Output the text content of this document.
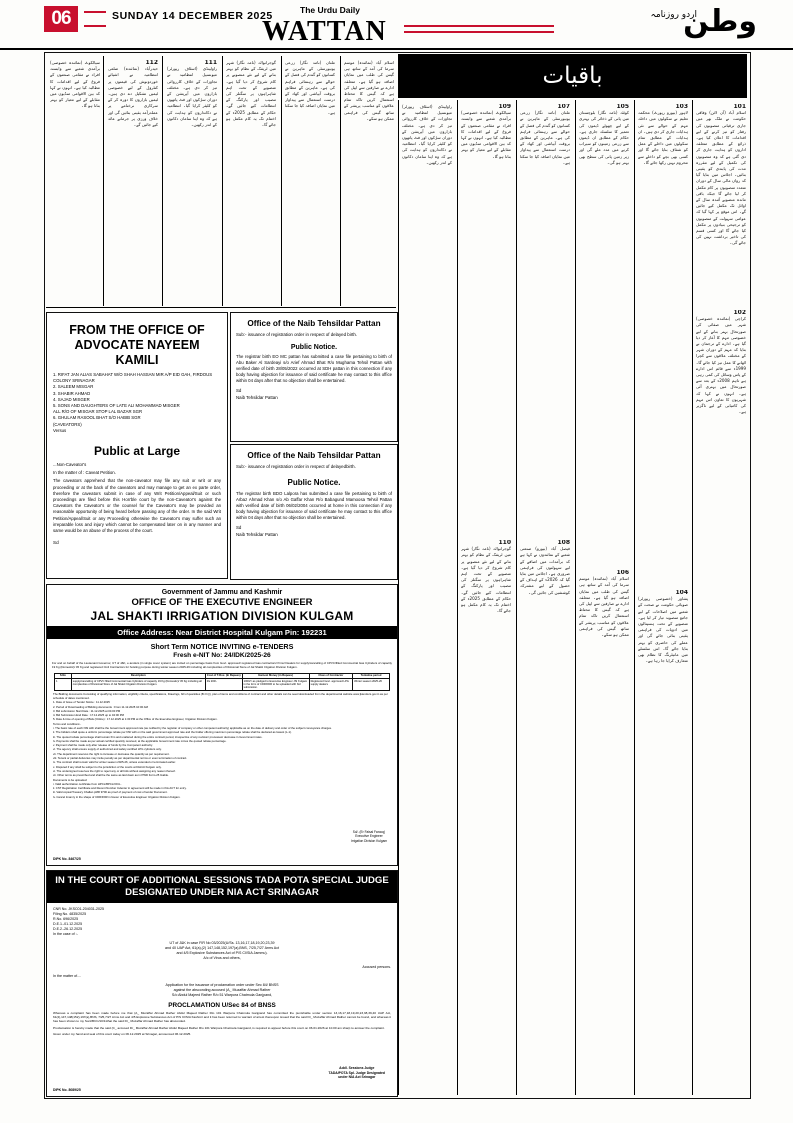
06	SUNDAY 14 DECEMBER 2025	The Urdu Daily
WATTAN	وطن
اردو روزنامہ
باقیات
101
اسلام آباد (آن لائن) وفاقی حکومت نے ملک بھر میں جاری ترقیاتی منصوبوں کی رفتار کو تیز کرنے کے لیے اقدامات کا اعلان کیا ہے۔ ذرائع کے مطابق متعلقہ اداروں کو ہدایت جاری کر دی گئی ہے کہ وہ منصوبوں کی تکمیل کے لیے مقررہ مدت کی پابندی کو یقینی بنائیں۔ اجلاس میں بتایا گیا کہ رواں مالی سال کے دوران متعدد منصوبوں پر کام مکمل کر لیا جائے گا جبکہ باقی ماندہ منصوبے آئندہ سال کے اوائل تک مکمل کیے جائیں گے۔ اس موقع پر کہا گیا کہ عوامی سہولت کے منصوبوں کو ترجیحی بنیادوں پر مکمل کیا جائے گا اور کسی قسم کی تاخیر برداشت نہیں کی جائے گی۔
102
کراچی (نمائندہ خصوصی) شہر میں صفائی کی صورتحال بہتر بنانے کے لیے خصوصی مہم کا آغاز کر دیا گیا ہے۔ ادارے کے ترجمان نے بتایا کہ مہم کے دوران شہر کے مختلف علاقوں سے کچرا اٹھانے کا عمل تیز کیا جائے گا۔ 1999ء سے قائم اس ادارے کے پاس وسائل کی کمی رہی ہے تاہم 2008ء کے بعد سے صورتحال میں بہتری آئی ہے۔ انہوں نے کہا کہ شہریوں کا تعاون اس مہم کی کامیابی کے لیے ناگزیر ہے۔
103
لاہور (بیورو رپورٹ) محکمہ تعلیم نے سکولوں میں داخلہ مہم کے حوالے سے نئی ہدایات جاری کر دی ہیں۔ ان ہدایات کے مطابق تمام سکولوں میں داخلے کے عمل کو شفاف بنایا جائے گا اور کسی بھی بچے کو داخلے سے محروم نہیں رکھا جائے گا۔
104
پشاور (خصوصی رپورٹر) صوبائی حکومت نے صحت کے شعبے میں اصلاحات کے لیے جامع منصوبہ تیار کر لیا ہے۔ منصوبے کے تحت ہسپتالوں میں ادویات کی فراہمی یقینی بنائی جائے گی اور عملے کی حاضری کو بہتر بنایا جائے گا۔ اس سلسلے میں مانیٹرنگ کا نظام بھی متعارف کرایا جا رہا ہے۔
105
کوئٹہ (نامہ نگار) بلوچستان میں پانی کے ذخائر کی بہتری کے لیے چھوٹے ڈیموں کی تعمیر کا سلسلہ جاری ہے۔ حکام کے مطابق ان ڈیموں سے زرعی زمینوں کو سیراب کرنے میں مدد ملے گی اور زیر زمین پانی کی سطح بھی بہتر ہو گی۔
106
اسلام آباد (نمائندہ) موسم سرما کی آمد کے ساتھ ہی گیس کی طلب میں نمایاں اضافہ ہو گیا ہے۔ متعلقہ ادارے نے صارفین سے اپیل کی ہے کہ گیس کا محتاط استعمال کریں تاکہ تمام علاقوں کو مناسب پریشر کے ساتھ گیس کی فراہمی ممکن ہو سکے۔
107
ملتان (نامہ نگار) زرعی یونیورسٹی کے ماہرین نے کسانوں کو گندم کی فصل کے حوالے سے رہنمائی فراہم کی ہے۔ ماہرین کے مطابق بروقت آبپاشی اور کھاد کے درست استعمال سے پیداوار میں نمایاں اضافہ کیا جا سکتا ہے۔
108
فیصل آباد (بیورو) صنعتی شعبے کے نمائندوں نے کہا ہے کہ برآمدات میں اضافے کے لیے سہولتوں کی فراہمی ضروری ہے۔ اجلاس میں بتایا گیا کہ 2026ء کے اہداف کے حصول کے لیے مشترکہ کوششیں کی جائیں گی۔
109
سیالکوٹ (نمائندہ خصوصی) برآمدی شعبے سے وابستہ افراد نے مقامی صنعتوں کے فروغ کے لیے اقدامات کا مطالبہ کیا ہے۔ انہوں نے کہا کہ بین الاقوامی منڈیوں میں مقابلے کے لیے معیار کو بہتر بنانا ہو گا۔
110
گوجرانوالہ (نامہ نگار) شہر میں ٹریفک کے نظام کو بہتر بنانے کے لیے نئے منصوبے پر کام شروع کر دیا گیا ہے۔ منصوبے کے تحت اہم شاہراہوں پر سگنلز کی تنصیب اور پارکنگ کے انتظامات کیے جائیں گے۔ حکام کے مطابق 2025ء کے اختتام تک یہ کام مکمل ہو جائے گا۔
راولپنڈی (اسٹاف رپورٹر) میونسپل انتظامیہ نے تجاوزات کے خلاف کارروائی تیز کر دی ہے۔ مختلف بازاروں میں آپریشن کے دوران سڑکوں اور فٹ پاتھوں کو کلیئر کرایا گیا۔ انتظامیہ نے دکانداروں کو ہدایت کی ہے کہ وہ اپنا سامان دکانوں کے اندر رکھیں۔
سیالکوٹ (نمائندہ خصوصی) برآمدی شعبے سے وابستہ افراد نے مقامی صنعتوں کے فروغ کے لیے اقدامات کا مطالبہ کیا ہے۔ انہوں نے کہا کہ بین الاقوامی منڈیوں میں مقابلے کے لیے معیار کو بہتر بنانا ہو گا۔
112
حیدرآباد (نمائندہ) ضلعی انتظامیہ نے اشیائے خوردونوش کی قیمتوں پر کنٹرول کے لیے خصوصی ٹیمیں تشکیل دے دی ہیں۔ ٹیمیں بازاروں کا دورہ کر کے سرکاری نرخنامے پر عملدرآمد یقینی بنائیں گی اور خلاف ورزی پر جرمانے عائد کیے جائیں گے۔
111
راولپنڈی (اسٹاف رپورٹر) میونسپل انتظامیہ نے تجاوزات کے خلاف کارروائی تیز کر دی ہے۔ مختلف بازاروں میں آپریشن کے دوران سڑکوں اور فٹ پاتھوں کو کلیئر کرایا گیا۔ انتظامیہ نے دکانداروں کو ہدایت کی ہے کہ وہ اپنا سامان دکانوں کے اندر رکھیں۔
گوجرانوالہ (نامہ نگار) شہر میں ٹریفک کے نظام کو بہتر بنانے کے لیے نئے منصوبے پر کام شروع کر دیا گیا ہے۔ منصوبے کے تحت اہم شاہراہوں پر سگنلز کی تنصیب اور پارکنگ کے انتظامات کیے جائیں گے۔ حکام کے مطابق 2025ء کے اختتام تک یہ کام مکمل ہو جائے گا۔
ملتان (نامہ نگار) زرعی یونیورسٹی کے ماہرین نے کسانوں کو گندم کی فصل کے حوالے سے رہنمائی فراہم کی ہے۔ ماہرین کے مطابق بروقت آبپاشی اور کھاد کے درست استعمال سے پیداوار میں نمایاں اضافہ کیا جا سکتا ہے۔
اسلام آباد (نمائندہ) موسم سرما کی آمد کے ساتھ ہی گیس کی طلب میں نمایاں اضافہ ہو گیا ہے۔ متعلقہ ادارے نے صارفین سے اپیل کی ہے کہ گیس کا محتاط استعمال کریں تاکہ تمام علاقوں کو مناسب پریشر کے ساتھ گیس کی فراہمی ممکن ہو سکے۔
FROM THE OFFICE OF ADVOCATE NAYEEM KAMILI
1. RIFAT JAN ALIAS SABAHAT W/O SHAH HASSAN MIR A/P EID GAH, FIRDOUS COLONY SRINAGAR
2. SALEEM MISGAR
3. SHABIR AHMAD
4. SAJAD MISGER
5. SONS AND DAUGHTERS OF LATE ALI MOHAMMAD MISGER
ALL R/O OF MISGAR STOP LAL BAZAR SGR
6. GHULAM RASOOL BHAT S/O HABIB SGR
(CAVEATORS)
Versus
Public at Large
...Non-Caveator's
In the matter of : Caveat Petition.
The caveators apprehend that the non-caveator may file any suit or writ or any proceeding or at the back of the caveators and may manage to get an ex parte order, therefore the caveators submit in case of any Writ Petition/Appeal/Suit or such proceedings are filed before this Hon'ble court by the non-Caveator's against the Caveators the Caveator's or the counsel for the Caveator's may be provided an reasonable opportunity of being heard before passing any of the order. In the said Writ Petition/Appeal/Suit or any Proceeding otherwise the Caveator's may suffer such an irreparable loss and injury which cannot be compensated later on in any manner and same would be an abuse of the process of the court.
Sd
Office of the Naib Tehsildar Pattan
Sub:- issuance of registration order in respect of delayed birth.
Public Notice.
The registrar birth EO MC pattan has submitted a case file pertaining to birth of Abu Baker Al Sardeayi s/o Arief Ahmad Bhat R/o Mughama Tehsil Pattan with verified date of birth 28/05/2022 occurred at SDH pattan in this connection if any body having objection for issuance of said certificate he may contact to this office within 04 days after that no objection shall be entertained.
Sd
Naib Tehsildar Pattan
Office of the Naib Tehsildar Pattan
Sub:- issuance of registration order in respect of delayedbirth.
Public Notice.
The registrar birth BDO Lalpora has submitted a case file pertaining to birth of Arbaz Ahmad Khan s/o Ab Gaffar Khan R/o Babagund Mamoosa Tehsil Pattan with verified date of birth 06/02/2004 occurred at home in this connection if any body having objection for issuance of said certificate he may contact to this office within 04 days after that no objection shall be entertained.
Sd
Naib Tehsildar Pattan
Government of Jammu and Kashmir
OFFICE OF THE EXECUTIVE ENGINEER
JAL SHAKTI IRRIGATION DIVISION KULGAM
Office Address: Near District Hospital Kulgam Pin: 192231
Short Term NOTICE INVITING e-TENDERS
Fresh e-NIT No: 24/IDK/2025-26
For and on behalf of the Lieutenant Governor, UT of J&K, e-tenders (in single cover system) are invited on percentage basis from Govt. approved/ registered Gas contractors/ firms/ Dealers for supply/cancelling of CPVC/filled Commercial Gas Cylinders of capacity 19 Kg (Domestic)/ 45 Kg and registered Civil Contractors for hoisting purpose during winter season 2025-26 including all complexities of Divisional Store of Jal Shakti Irrigation Division Kulgam.
S.No	Description	Cost of T-Doc. (In Rupees)	Earnest Money (in Rupees)	Class of Contractor	Tentative period
1	supply/cancelling of CPVC filled Commercial Gas Cylinders of capacity 19 Kg (Domestic)/ 45 Kg including all complexities of Divisional Store of Jal Shakti Irrigation Division Kulgam.	Rs 200/-	1000/= as pledged to Executive Engineer JSI Kulgam in the form of CDR/FDR to be uploaded with bid submission.	Registered Govt. approved LPG supply dealers	Winter season 2025-26
The Bidding documents Consisting of qualifying information, eligibility criteria, specifications, Drawings, bill of quantities (B.O.Q), plan of items and conditions of contract and other details can be seen/downloaded from the departmental website www.jktenders.gov.in as per schedule of dates mentioned.
1. Date of Issue of Tender Notice : 11.12.2025
2. Period of Downloading of Bidding documents : From 11.12.2025 10:00 AM
3. Bid submission Start Date : 11.12.2025 at 04:00 PM
4. Bid Submission End Date : 17.12.2025 up to 04:00 PM
5. Date & time of opening of Bids (Online) : 17.12.2025 at 1:30 PM at the Office of the Executive Engineer, Irrigation Division Kulgam.
Terms and conditions:-
i. The basic rate of each NSI with shall be the Government approved rate (as notified by the registrar of company or other competent authority) applicable as on the date of delivery and order of the subject conveyance charges.
ii. The bidders shall quote a uniform percentage rebate per NSI with on the said government approved rate and the bidder offering maximum percentage rebate shall be declared as lowest (L-1).
iii. The quoted rebate percentage shall remain firm and unaltered during the entire contract period, irrespective of any revision/ processes/ decrease in Government rates.
iv. Payments shall be made as per actual certified quantity received, at the applicable Government rate minus the quoted rebate percentage.
v. Payment shall be made only after release of funds by the Competent authority.
vi. The agency shall ensure supply of authorized and safety certified LPG cylinders only.
vii. The department reserves the right to increase or decrease the quantity as per requirement.
viii. Tenant or partial deliveries may invite penalty as per departmental norms or even termination of contract.
ix. The contract shall remain valid for winter season 2025-26, unless extended or terminated earlier.
x. Disputed if any shall be subject to the jurisdiction of the courts at District Kulgam only.
xi. The undersigned reserves the right to reject any or all bids without assigning any reason thereof.
xii. Other terms as prescribed and shall be the same as laid down as in PWD Form-25 livable.
Documents to be uploaded:
i. Valid authorization certificate from HPCL/BPCL/IOCL.
ii. CST Registration Certificate and Recent Number Indenter in agreement will be made in this ACT for entry.
iii. Valid copies/Treasury Challan pMR 9700 as proof of payment of cost of tender Document.
iv. Cancel Imamry in the shape of CDR/FDR in favour of Executive Engineer Irrigation Division Kulgam.
Sd/- (Er Faisal Farooq)
Executive Engineer
Irrigation Division Kulgam
DIPK No. 8467/25
IN THE COURT OF ADDITIONAL SESSIONS TADA POTA SPECIAL JUDGE DESIGNATED UNDER NIA ACT SRINAGAR
CNR No. JKSC01-204031-2025
Filing No. 4835/2025
R.No. 696/2025
D.E.1.-01.12.2025
D.E.2.-26.12.2025
In the case of :-
UT of J&K in case FIR No 03/2025(U/Ss. 13,16,17,18,19,20,23,39
and 40 UAP Act, 61(a),(2) 147,148,152,197(a),BNS, 7/25,7/27 Arms Act
and 4/5 Explosive Substances Act of P/S CI/SIA Jammu).
A/c of Virus and others,
Accused persons.
In the matter of....
Application for the issuance of proclamation order under Sec 84/ BNSS
against the absconding accused (A_ Muzaffar Ahmad Rather
S/o Abdul Majeed Rather R/o 51 Warpora Chatmula Ganjpand,
PROCLAMATION U/Sec 84 of BNSS
Whereas a complaint has been made before me that (A_ Muzaffar Ahmad Rather Abdul Majeed Rather R/o 101 Warpora Chatmula Ganjpand has committed the punishable under section 13,16,17,18,19,20,23,38,39,40 UAP Act, 61(2),147,148(152),197(a),BNS, 7/25,7/27 Arms Act and 4/5 Explosive Substances Act of P/S CI/SIA Kashmir and it has been returned to warrant of arrest thereupon issued that the said Dr_ Muzaffar Ahmad Rather cannot be found, and whereas it has been shown to my Sont/BCC/10/11that the said Dr_ Muzaffar Ahmad Rather has absconded.
Proclamation is hereby made that the said (C_ accused Dr_ Muzaffar Ahmad Rather Abdul Majeed Rather R/o 101 Warpora Chatmula Ganjpand, is required to appear before this court on 06.01.2026 at 10.00 am sharp to answer the complaint.
Given under my hand and seal of this court today on 06.12.2025 at Srinagar, announced 06.12.2025.
Addl. Sessions Judge
TADA/POTA Spl. Judge Designated
under NIA Act Srinagar
DIPK No. 8089/25
